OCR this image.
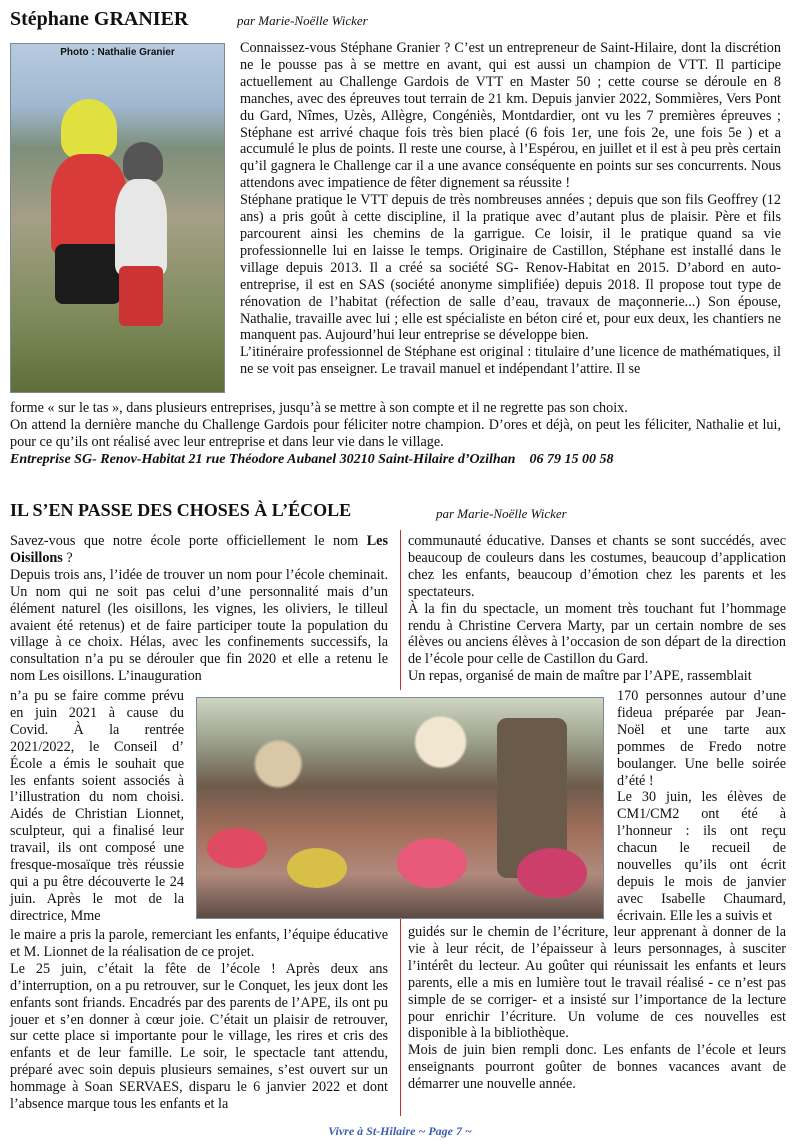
Stéphane GRANIER	par Marie-Noëlle Wicker
Photo : Nathalie Granier	Connaissez-vous Stéphane Granier ? C’est un entrepreneur de Saint-Hilaire, dont la discrétion ne le pousse pas à se mettre en avant, qui est aussi un champion de VTT. Il participe actuellement au Challenge Gardois de VTT en Master 50 ; cette course se déroule en 8 manches, avec des épreuves tout terrain de 21 km. Depuis janvier 2022, Sommières, Vers Pont du Gard, Nîmes, Uzès, Allègre, Congéniès, Montdardier, ont vu les 7 premières épreuves ; Stéphane est arrivé chaque fois très bien placé (6 fois 1er, une fois 2e, une fois 5e ) et a accumulé le plus de points. Il reste une course, à l’Espérou, en juillet et il est à peu près certain qu’il gagnera le Challenge car il a une avance conséquente en points sur ses concurrents. Nous attendons avec impatience de fêter dignement sa réussite !

Stéphane pratique le VTT depuis de très nombreuses années ; depuis que son fils Geoffrey (12 ans) a pris goût à cette discipline, il la pratique avec d’autant plus de plaisir. Père et fils parcourent ainsi les chemins de la garrigue. Ce loisir, il le pratique quand sa vie professionnelle lui en laisse le temps. Originaire de Castillon, Stéphane est installé dans le village depuis 2013. Il a créé sa société SG- Renov-Habitat en 2015. D’abord en auto-entreprise, il est en SAS (société anonyme simplifiée) depuis 2018. Il propose tout type de rénovation de l’habitat (réfection de salle d’eau, travaux de maçonnerie...) Son épouse, Nathalie, travaille avec lui ; elle est spécialiste en béton ciré et, pour eux deux, les chantiers ne manquent pas. Aujourd’hui leur entreprise se développe bien.

L’itinéraire professionnel de Stéphane est original : titulaire d’une licence de mathématiques, il ne se voit pas enseigner. Le travail manuel et indépendant l’attire. Il se

forme « sur le tas », dans plusieurs entreprises, jusqu’à se mettre à son compte et il ne regrette pas son choix.

On attend la dernière manche du Challenge Gardois pour féliciter notre champion. D’ores et déjà, on peut les féliciter, Nathalie et lui, pour ce qu’ils ont réalisé avec leur entreprise et dans leur vie dans le village.

Entreprise SG- Renov-Habitat 21 rue Théodore Aubanel 30210 Saint-Hilaire d’Ozilhan    06 79 15 00 58
IL S’EN PASSE DES CHOSES À L’ÉCOLE	par Marie-Noëlle Wicker

Savez-vous que notre école porte officiellement le nom Les Oisillons ?

Depuis trois ans, l’idée de trouver un nom pour l’école cheminait. Un nom qui ne soit pas celui d’une personnalité mais d’un élément naturel (les oisillons, les vignes, les oliviers, le tilleul avaient été retenus) et de faire participer toute la population du village à ce choix. Hélas, avec les confinements successifs, la consultation n’a pu se dérouler que fin 2020 et elle a retenu le nom Les oisillons. L’inauguration

n’a pu se faire comme prévu en juin 2021 à cause du Covid. À la rentrée 2021/2022, le Conseil d’ École a émis le souhait que les enfants soient associés à l’illustration du nom choisi. Aidés de Christian Lionnet, sculpteur, qui a finalisé leur travail, ils ont composé une fresque-mosaïque très réussie qui a pu être découverte le 24 juin. Après le mot de la directrice, Mme

le maire a pris la parole, remerciant les enfants, l’équipe éducative et M. Lionnet de la réalisation de ce projet.

Le 25 juin, c’était la fête de l’école ! Après deux ans d’interruption, on a pu retrouver, sur le Conquet, les jeux dont les enfants sont friands. Encadrés par des parents de l’APE, ils ont pu jouer et s’en donner à cœur joie. C’était un plaisir de retrouver, sur cette place si importante pour le village, les rires et cris des enfants et de leur famille. Le soir, le spectacle tant attendu, préparé avec soin depuis plusieurs semaines, s’est ouvert sur un hommage à Soan SERVAES, disparu le 6 janvier 2022 et dont l’absence marque tous les enfants et la

communauté éducative. Danses et chants se sont succédés, avec beaucoup de couleurs dans les costumes, beaucoup d’application chez les enfants, beaucoup d’émotion chez les parents et les spectateurs.

À la fin du spectacle, un moment très touchant fut l’hommage rendu à Christine Cervera Marty, par un certain nombre de ses élèves ou anciens élèves à l’occasion de son départ de la direction de l’école pour celle de Castillon du Gard.

Un repas, organisé de main de maître par l’APE, rassemblait

170 personnes autour d’une fideua préparée par Jean-Noël et une tarte aux pommes de Fredo notre boulanger. Une belle soirée d’été !

Le 30 juin, les élèves de CM1/CM2 ont été à l’honneur : ils ont reçu chacun le recueil de nouvelles qu’ils ont écrit depuis le mois de janvier avec Isabelle Chaumard, écrivain. Elle les a suivis et

guidés sur le chemin de l’écriture, leur apprenant à donner de la vie à leur récit, de l’épaisseur à leurs personnages, à susciter l’intérêt du lecteur. Au goûter qui réunissait les enfants et leurs parents, elle a mis en lumière tout le travail réalisé - ce n’est pas simple de se corriger- et a insisté sur l’importance de la lecture pour enrichir l’écriture. Un volume de ces nouvelles est disponible à la bibliothèque.

Mois de juin bien rempli donc. Les enfants de l’école et leurs enseignants pourront goûter de bonnes vacances avant de démarrer une nouvelle année.

Vivre à St-Hilaire ~ Page 7 ~
